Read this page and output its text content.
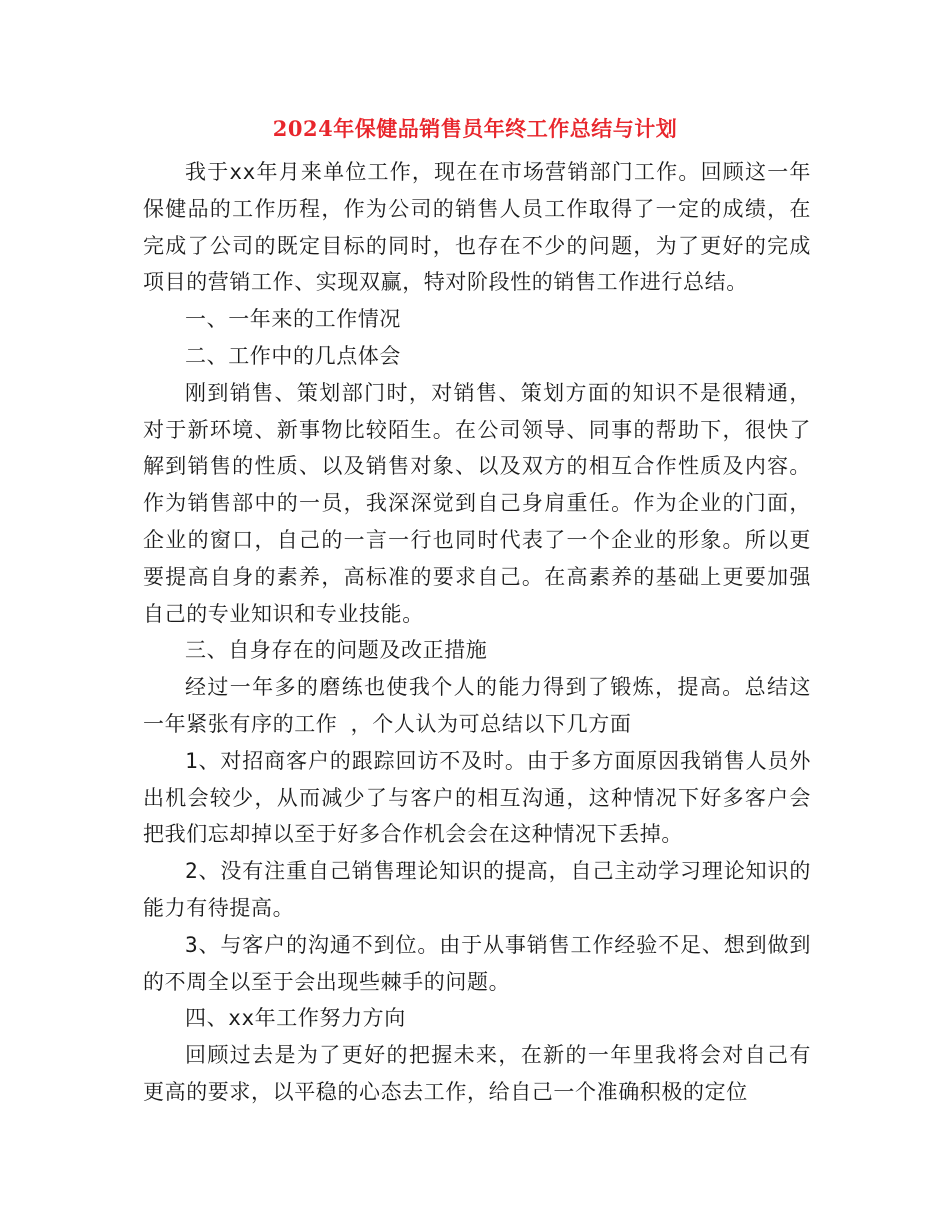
2024年保健品销售员年终工作总结与计划

我于xx年月来单位工作，现在在市场营销部门工作。回顾这一年保健品的工作历程，作为公司的销售人员工作取得了一定的成绩，在完成了公司的既定目标的同时，也存在不少的问题，为了更好的完成项目的营销工作、实现双赢，特对阶段性的销售工作进行总结。

一、一年来的工作情况

二、工作中的几点体会

刚到销售、策划部门时，对销售、策划方面的知识不是很精通，对于新环境、新事物比较陌生。在公司领导、同事的帮助下，很快了解到销售的性质、以及销售对象、以及双方的相互合作性质及内容。作为销售部中的一员，我深深觉到自己身肩重任。作为企业的门面，企业的窗口，自己的一言一行也同时代表了一个企业的形象。所以更要提高自身的素养，高标准的要求自己。在高素养的基础上更要加强自己的专业知识和专业技能。

三、自身存在的问题及改正措施

经过一年多的磨练也使我个人的能力得到了锻炼，提高。总结这一年紧张有序的工作 ，个人认为可总结以下几方面

1、对招商客户的跟踪回访不及时。由于多方面原因我销售人员外出机会较少，从而减少了与客户的相互沟通，这种情况下好多客户会把我们忘却掉以至于好多合作机会会在这种情况下丢掉。

2、没有注重自己销售理论知识的提高，自己主动学习理论知识的能力有待提高。

3、与客户的沟通不到位。由于从事销售工作经验不足、想到做到的不周全以至于会出现些棘手的问题。

四、xx年工作努力方向

回顾过去是为了更好的把握未来，在新的一年里我将会对自己有更高的要求，以平稳的心态去工作，给自己一个准确积极的定位
